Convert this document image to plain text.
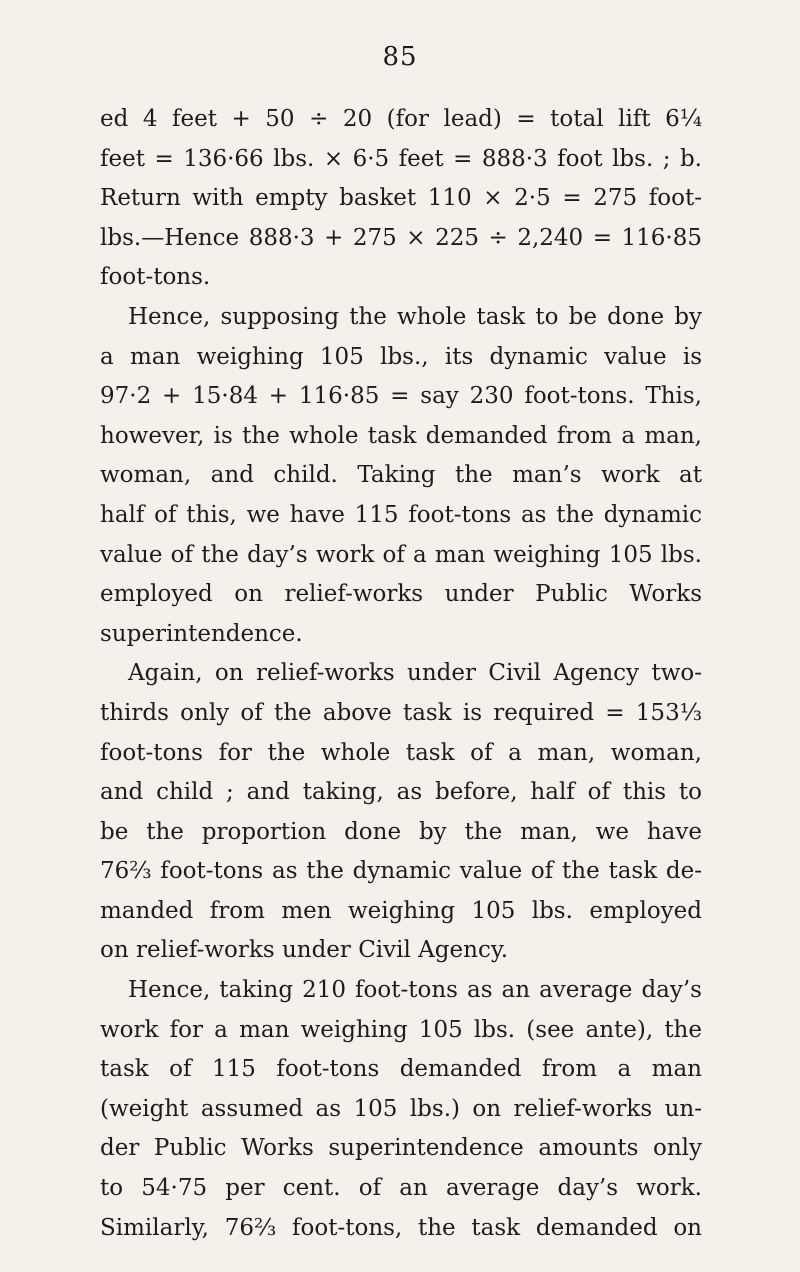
85
ed 4 feet + 50 ÷ 20 (for lead) = total lift 6¼
feet = 136·66 lbs. × 6·5 feet = 888·3 foot lbs. ; b.
Return with empty basket 110 × 2·5 = 275 foot-
lbs.—Hence 888·3 + 275 × 225 ÷ 2,240 = 116·85
foot-tons.
Hence, supposing the whole task to be done by
a man weighing 105 lbs., its dynamic value is
97·2 + 15·84 + 116·85 = say 230 foot-tons. This,
however, is the whole task demanded from a man,
woman, and child. Taking the man’s work at
half of this, we have 115 foot-tons as the dynamic
value of the day’s work of a man weighing 105 lbs.
employed on relief-works under Public Works
superintendence.
Again, on relief-works under Civil Agency two-
thirds only of the above task is required = 153⅓
foot-tons for the whole task of a man, woman,
and child ; and taking, as before, half of this to
be the proportion done by the man, we have
76⅔ foot-tons as the dynamic value of the task de-
manded from men weighing 105 lbs. employed
on relief-works under Civil Agency.
Hence, taking 210 foot-tons as an average day’s
work for a man weighing 105 lbs. (see ante), the
task of 115 foot-tons demanded from a man
(weight assumed as 105 lbs.) on relief-works un-
der Public Works superintendence amounts only
to 54·75 per cent. of an average day’s work.
Similarly, 76⅔ foot-tons, the task demanded on
